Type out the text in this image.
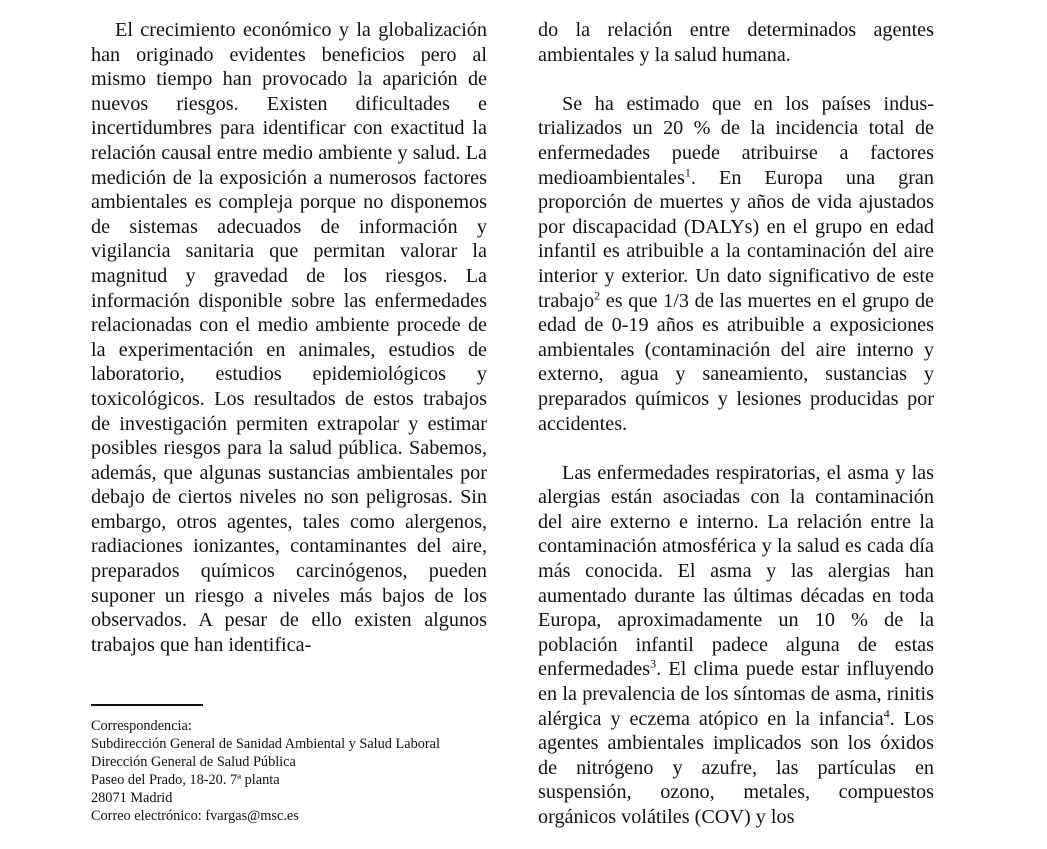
El crecimiento económico y la globalización han originado evidentes beneficios pero al mismo tiempo han provocado la aparición de nuevos riesgos. Existen dificultades e incertidumbres para identificar con exactitud la relación causal entre medio ambiente y salud. La medición de la exposición a numerosos factores ambientales es compleja porque no disponemos de sistemas adecuados de información y vigilancia sanitaria que permitan valorar la magnitud y gravedad de los riesgos. La información disponible sobre las enfermedades relacionadas con el medio ambiente procede de la experimentación en animales, estudios de laboratorio, estudios epidemiológicos y toxicológicos. Los resultados de estos trabajos de investigación permiten extrapolar y estimar posibles riesgos para la salud pública. Sabemos, además, que algunas sustancias ambientales por debajo de ciertos niveles no son peligrosas. Sin embargo, otros agentes, tales como alergenos, radiaciones ionizantes, contaminantes del aire, preparados químicos carcinógenos, pueden suponer un riesgo a niveles más bajos de los observados. A pesar de ello existen algunos trabajos que han identifica-

do la relación entre determinados agentes ambientales y la salud humana.

Se ha estimado que en los países industrializados un 20 % de la incidencia total de enfermedades puede atribuirse a factores medioambientales$^1$. En Europa una gran proporción de muertes y años de vida ajustados por discapacidad (DALYs) en el grupo en edad infantil es atribuible a la contaminación del aire interior y exterior. Un dato significativo de este trabajo$^2$ es que 1/3 de las muertes en el grupo de edad de 0-19 años es atribuible a exposiciones ambientales (contaminación del aire interno y externo, agua y saneamiento, sustancias y preparados químicos y lesiones producidas por accidentes.

Las enfermedades respiratorias, el asma y las alergias están asociadas con la contaminación del aire externo e interno. La relación entre la contaminación atmosférica y la salud es cada día más conocida. El asma y las alergias han aumentado durante las últimas décadas en toda Europa, aproximadamente un 10 % de la población infantil padece alguna de estas enfermedades$^3$. El clima puede estar influyendo en la prevalencia de los síntomas de asma, rinitis alérgica y eczema atópico en la infancia$^4$. Los agentes ambientales implicados son los óxidos de nitrógeno y azufre, las partículas en suspensión, ozono, metales, compuestos orgánicos volátiles (COV) y los

Correspondencia:
Subdirección General de Sanidad Ambiental y Salud Laboral
Dirección General de Salud Pública
Paseo del Prado, 18-20. 7ª planta
28071 Madrid
Correo electrónico: fvargas@msc.es
